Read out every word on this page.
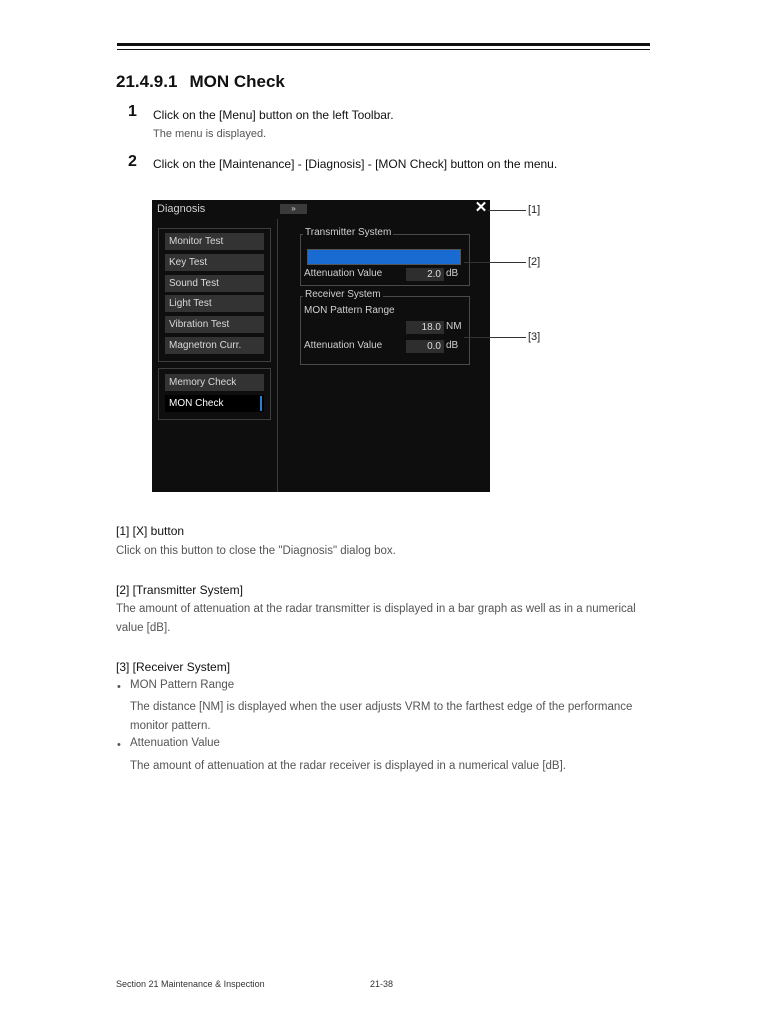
21.4.9.1 MON Check
1 Click on the [Menu] button on the left Toolbar.
The menu is displayed.
2 Click on the [Maintenance] - [Diagnosis] - [MON Check] button on the menu.
Diagnosis	»	✕
Monitor Test
Key Test
Sound Test
Light Test
Vibration Test
Magnetron Curr.
Memory Check
MON Check
Transmitter System
Attenuation Value	2.0 dB
Receiver System
MON Pattern Range
18.0 NM
Attenuation Value	0.0 dB
[1]
[2]
[3]
[1] [X] button
Click on this button to close the "Diagnosis" dialog box.
[2] [Transmitter System]
The amount of attenuation at the radar transmitter is displayed in a bar graph as well as in a numerical value [dB].
[3] [Receiver System]
• MON Pattern Range
The distance [NM] is displayed when the user adjusts VRM to the farthest edge of the performance monitor pattern.
• Attenuation Value
The amount of attenuation at the radar receiver is displayed in a numerical value [dB].
Section 21 Maintenance & Inspection	21-38
